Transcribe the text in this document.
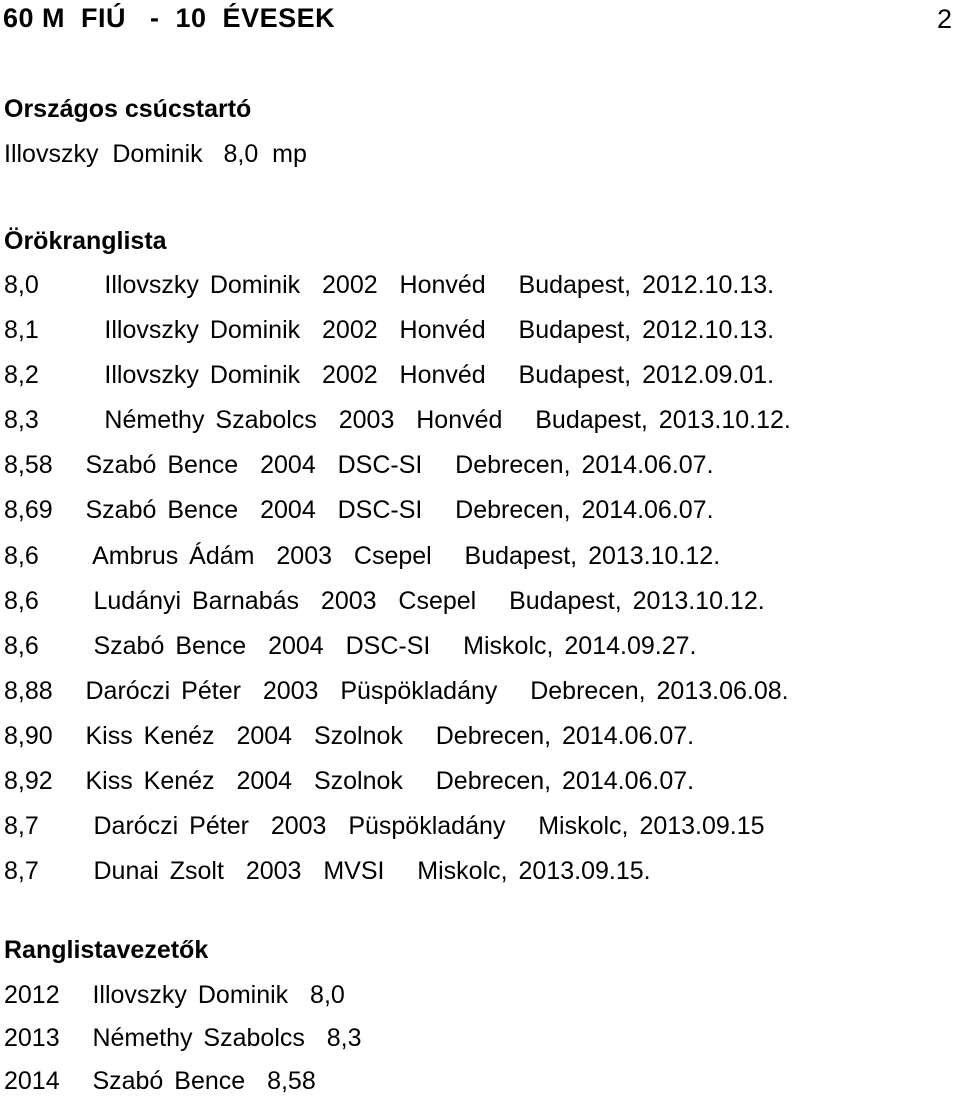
60 M  FIÚ   -  10  ÉVESEK	2
Országos csúcstartó
Illovszky  Dominik   8,0  mp
Örökranglista
8,0      Illovszky Dominik  2002  Honvéd   Budapest, 2012.10.13.
8,1      Illovszky Dominik  2002  Honvéd   Budapest, 2012.10.13.
8,2      Illovszky Dominik  2002  Honvéd   Budapest, 2012.09.01.
8,3      Némethy Szabolcs  2003  Honvéd   Budapest, 2013.10.12.
8,58   Szabó Bence  2004  DSC-SI   Debrecen, 2014.06.07.
8,69   Szabó Bence  2004  DSC-SI   Debrecen, 2014.06.07.
8,6     Ambrus Ádám  2003  Csepel   Budapest, 2013.10.12.
8,6     Ludányi Barnabás  2003  Csepel   Budapest, 2013.10.12.
8,6     Szabó Bence  2004  DSC-SI   Miskolc, 2014.09.27.
8,88   Daróczi Péter  2003  Püspökladány   Debrecen, 2013.06.08.
8,90   Kiss Kenéz  2004  Szolnok   Debrecen, 2014.06.07.
8,92   Kiss Kenéz  2004  Szolnok   Debrecen, 2014.06.07.
8,7     Daróczi Péter  2003  Püspökladány   Miskolc, 2013.09.15
8,7     Dunai Zsolt  2003  MVSI   Miskolc, 2013.09.15.
Ranglistavezetők
2012   Illovszky Dominik  8,0
2013   Némethy Szabolcs  8,3
2014   Szabó Bence  8,58
